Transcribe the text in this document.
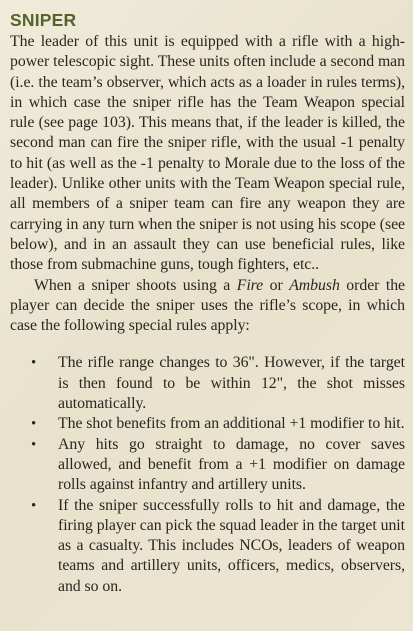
SNIPER

The leader of this unit is equipped with a rifle with a high-power telescopic sight. These units often include a second man (i.e. the team’s observer, which acts as a loader in rules terms), in which case the sniper rifle has the Team Weapon special rule (see page 103). This means that, if the leader is killed, the second man can fire the sniper rifle, with the usual -1 penalty to hit (as well as the -1 penalty to Morale due to the loss of the leader). Unlike other units with the Team Weapon special rule, all members of a sniper team can fire any weapon they are carrying in any turn when the sniper is not using his scope (see below), and in an assault they can use beneficial rules, like those from submachine guns, tough fighters, etc..

When a sniper shoots using a Fire or Ambush order the player can decide the sniper uses the rifle’s scope, in which case the following special rules apply:

• The rifle range changes to 36". However, if the target is then found to be within 12", the shot misses automatically.
• The shot benefits from an additional +1 modifier to hit.
• Any hits go straight to damage, no cover saves allowed, and benefit from a +1 modifier on damage rolls against infantry and artillery units.
• If the sniper successfully rolls to hit and damage, the firing player can pick the squad leader in the target unit as a casualty. This includes NCOs, leaders of weapon teams and artillery units, officers, medics, observers, and so on.
